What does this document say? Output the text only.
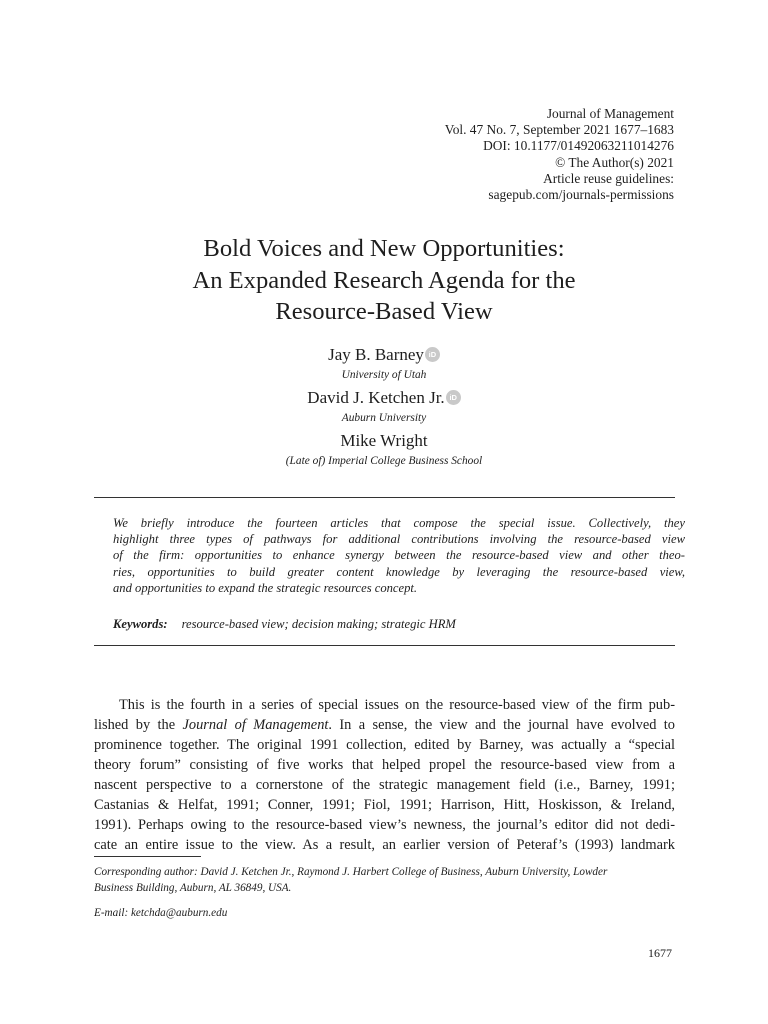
Journal of Management
Vol. 47 No. 7, September 2021 1677–1683
DOI: 10.1177/01492063211014276
© The Author(s) 2021
Article reuse guidelines:
sagepub.com/journals-permissions
Bold Voices and New Opportunities:
An Expanded Research Agenda for the
Resource-Based View
Jay B. Barney iD
University of Utah
David J. Ketchen Jr. iD
Auburn University
Mike Wright
(Late of) Imperial College Business School
We briefly introduce the fourteen articles that compose the special issue. Collectively, they
highlight three types of pathways for additional contributions involving the resource-based view
of the firm: opportunities to enhance synergy between the resource-based view and other theo-
ries, opportunities to build greater content knowledge by leveraging the resource-based view,
and opportunities to expand the strategic resources concept.
Keywords: resource-based view; decision making; strategic HRM
This is the fourth in a series of special issues on the resource-based view of the firm pub-
lished by the Journal of Management. In a sense, the view and the journal have evolved to
prominence together. The original 1991 collection, edited by Barney, was actually a “special
theory forum” consisting of five works that helped propel the resource-based view from a
nascent perspective to a cornerstone of the strategic management field (i.e., Barney, 1991;
Castanias & Helfat, 1991; Conner, 1991; Fiol, 1991; Harrison, Hitt, Hoskisson, & Ireland,
1991). Perhaps owing to the resource-based view’s newness, the journal’s editor did not dedi-
cate an entire issue to the view. As a result, an earlier version of Peteraf’s (1993) landmark
Corresponding author: David J. Ketchen Jr., Raymond J. Harbert College of Business, Auburn University, Lowder
Business Building, Auburn, AL 36849, USA.
E-mail: ketchda@auburn.edu
1677
